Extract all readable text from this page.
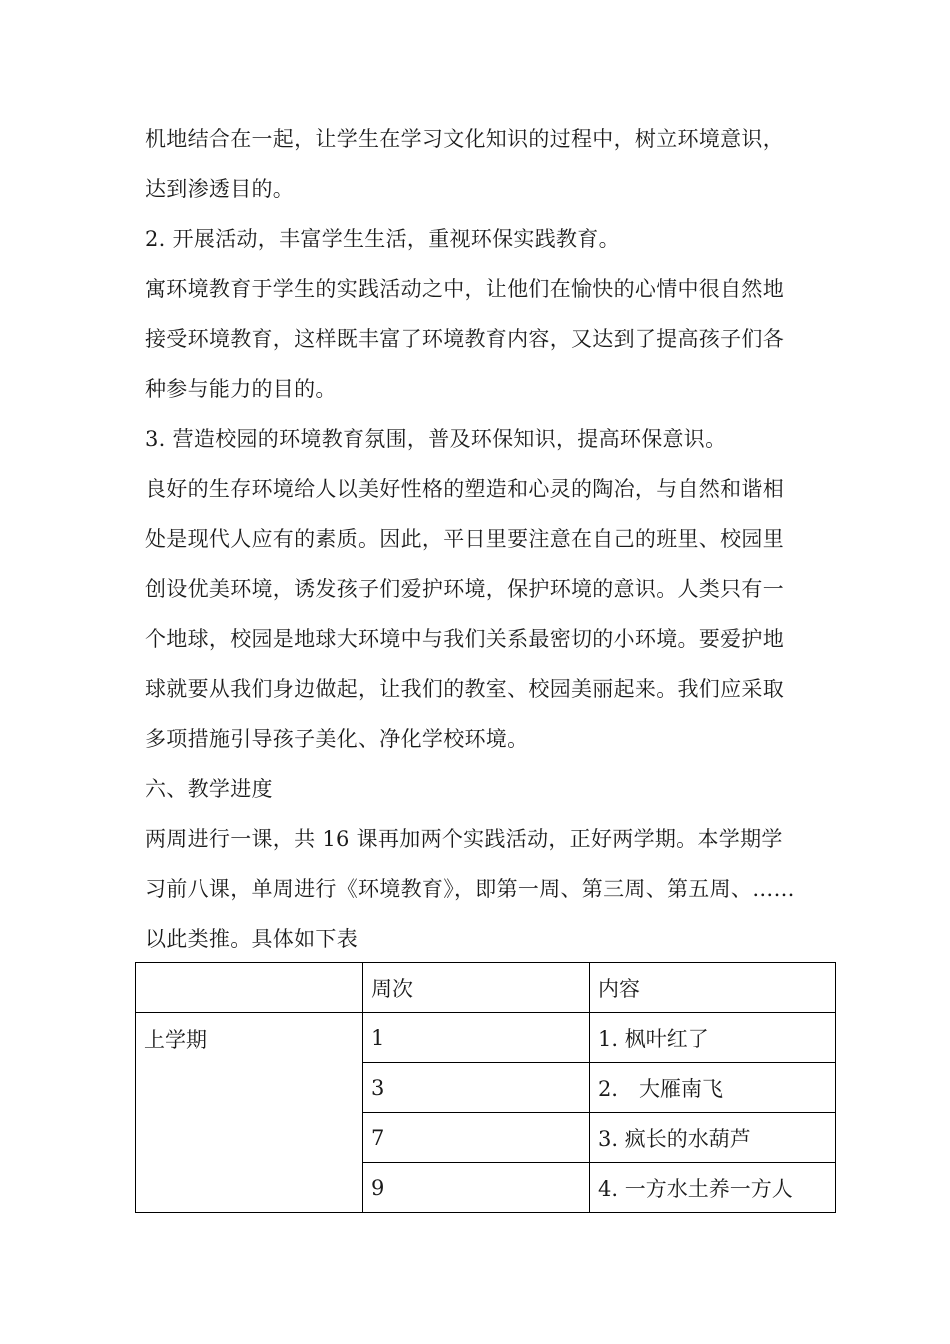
机地结合在一起，让学生在学习文化知识的过程中，树立环境意识，
达到渗透目的。
2. 开展活动，丰富学生生活，重视环保实践教育。
寓环境教育于学生的实践活动之中，让他们在愉快的心情中很自然地
接受环境教育，这样既丰富了环境教育内容，又达到了提高孩子们各
种参与能力的目的。
3. 营造校园的环境教育氛围，普及环保知识，提高环保意识。
良好的生存环境给人以美好性格的塑造和心灵的陶冶，与自然和谐相
处是现代人应有的素质。因此，平日里要注意在自己的班里、校园里
创设优美环境，诱发孩子们爱护环境，保护环境的意识。人类只有一
个地球，校园是地球大环境中与我们关系最密切的小环境。要爱护地
球就要从我们身边做起，让我们的教室、校园美丽起来。我们应采取
多项措施引导孩子美化、净化学校环境。
六、教学进度
两周进行一课，共 16 课再加两个实践活动，正好两学期。本学期学
习前八课，单周进行《环境教育》，即第一周、第三周、第五周、……
以此类推。具体如下表
	周次	内容
上学期	1	1. 枫叶红了
	3	2． 大雁南飞
	7	3. 疯长的水葫芦
	9	4. 一方水土养一方人
